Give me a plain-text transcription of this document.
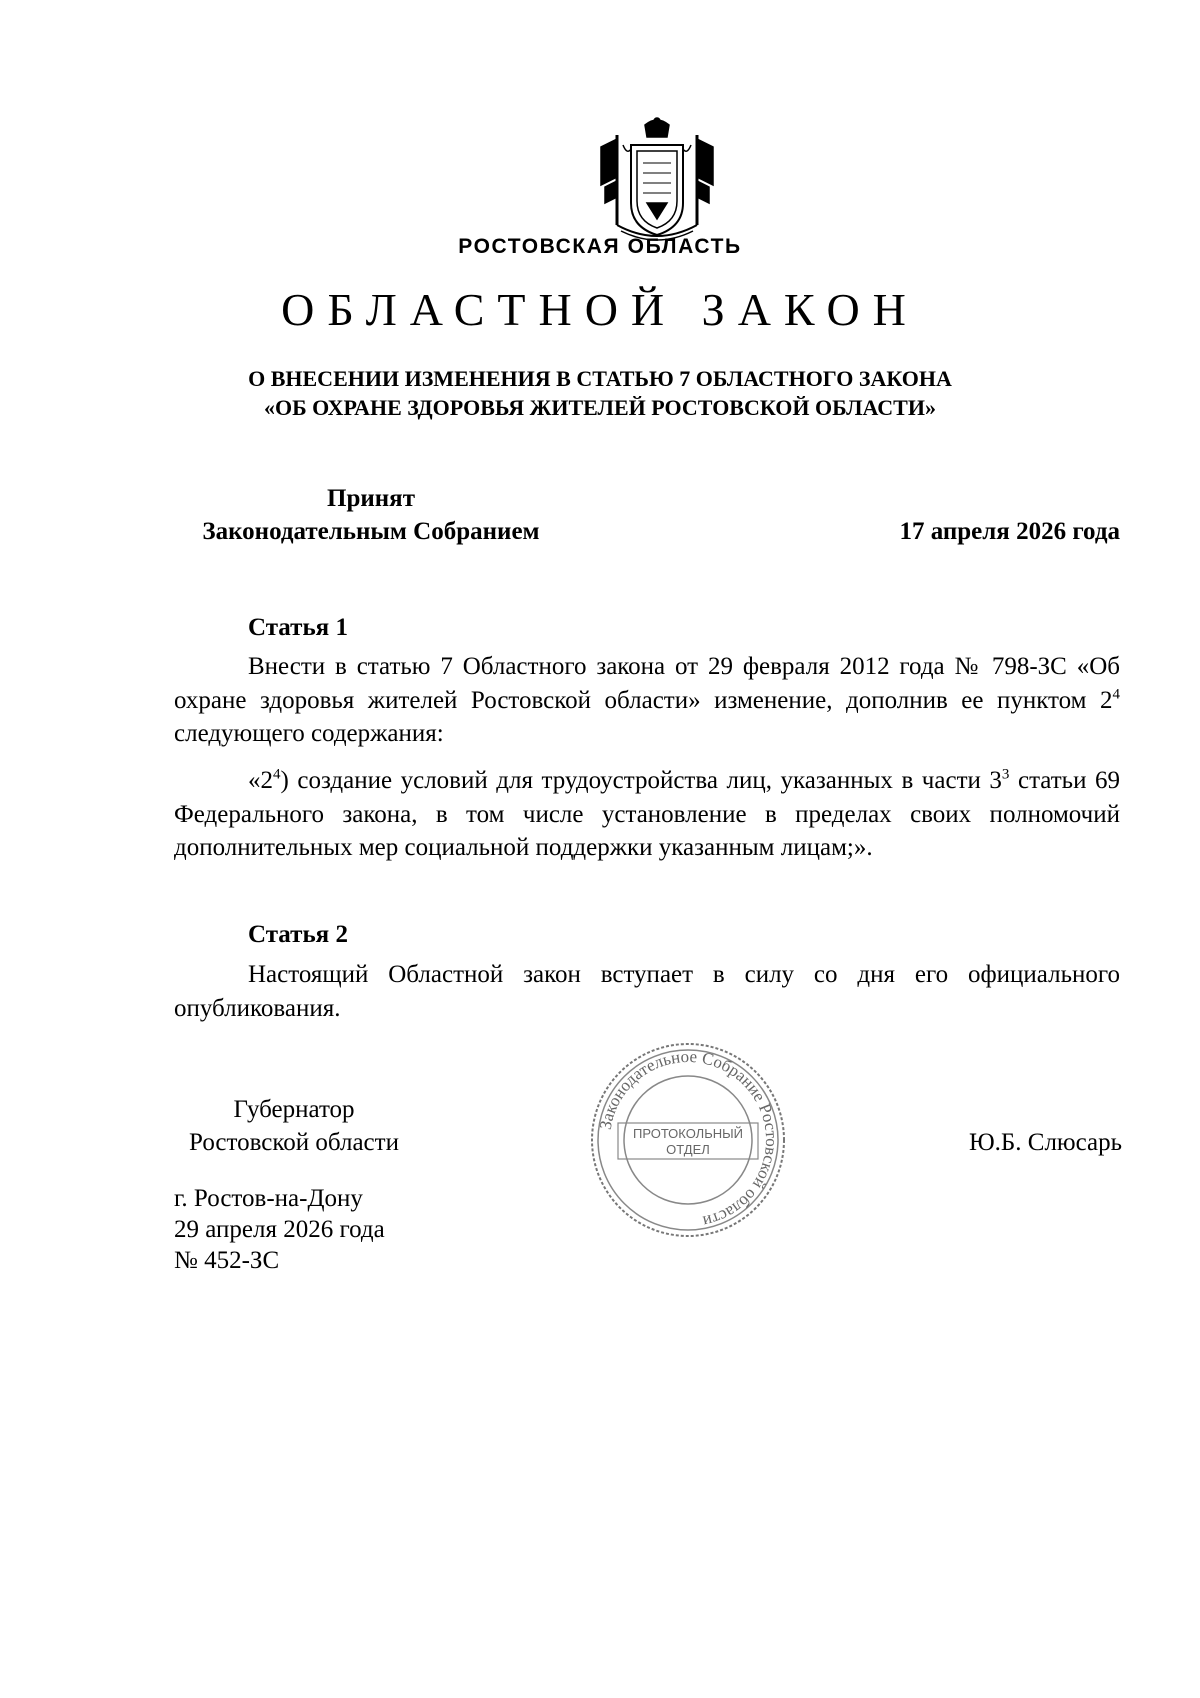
РОСТОВСКАЯ ОБЛАСТЬ
ОБЛАСТНОЙ ЗАКОН
О ВНЕСЕНИИ ИЗМЕНЕНИЯ В СТАТЬЮ 7 ОБЛАСТНОГО ЗАКОНА
«ОБ ОХРАНЕ ЗДОРОВЬЯ ЖИТЕЛЕЙ РОСТОВСКОЙ ОБЛАСТИ»
Принят
Законодательным Собранием	17 апреля 2026 года
Статья 1
Внести в статью 7 Областного закона от 29 февраля 2012 года № 798-ЗС «Об охране здоровья жителей Ростовской области» изменение, дополнив ее пунктом $2^4$ следующего содержания:
«$2^4$) создание условий для трудоустройства лиц, указанных в части $3^3$ статьи 69 Федерального закона, в том числе установление в пределах своих полномочий дополнительных мер социальной поддержки указанным лицам;».
Статья 2
Настоящий Областной закон вступает в силу со дня его официального опубликования.
Законодательное Собрание Ростовской области
ПРОТОКОЛЬНЫЙ
ОТДЕЛ
Губернатор
Ростовской области	Ю.Б. Слюсарь
г. Ростов-на-Дону
29 апреля 2026 года
№ 452-ЗС
